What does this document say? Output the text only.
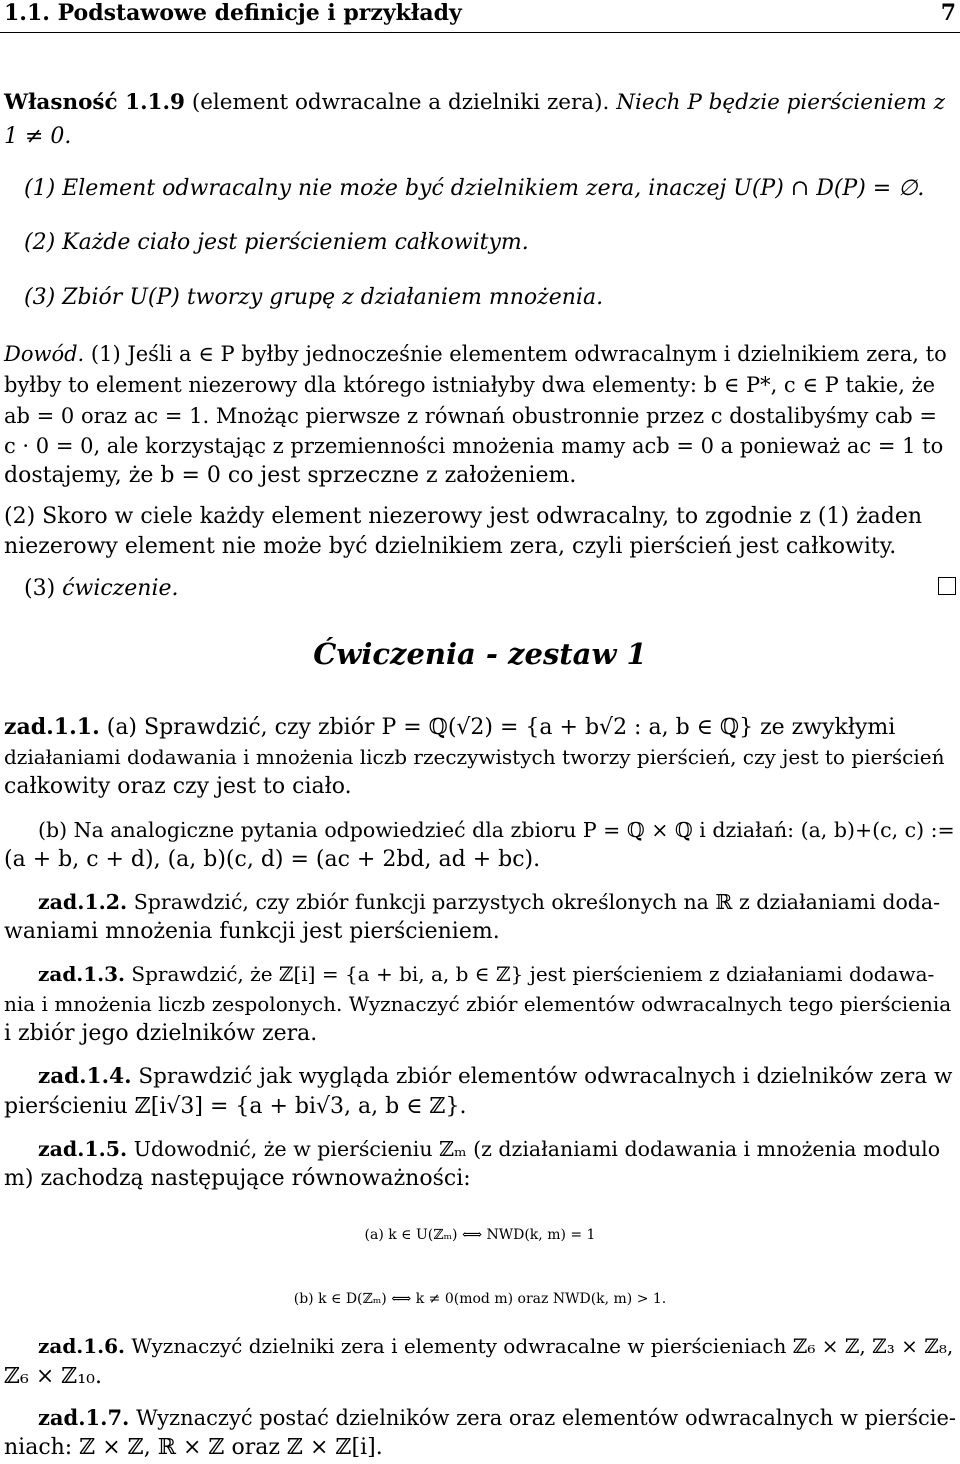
1.1. Podstawowe definicje i przykłady	7
Własność 1.1.9 (element odwracalne a dzielniki zera). Niech P będzie pierścieniem z
1 ≠ 0.
(1) Element odwracalny nie może być dzielnikiem zera, inaczej U(P) ∩ D(P) = ∅.
(2) Każde ciało jest pierścieniem całkowitym.
(3) Zbiór U(P) tworzy grupę z działaniem mnożenia.
Dowód. (1) Jeśli a ∈ P byłby jednocześnie elementem odwracalnym i dzielnikiem zera, to
byłby to element niezerowy dla którego istniałyby dwa elementy: b ∈ P*, c ∈ P takie, że
ab = 0 oraz ac = 1. Mnożąc pierwsze z równań obustronnie przez c dostalibyśmy cab =
c · 0 = 0, ale korzystając z przemienności mnożenia mamy acb = 0 a ponieważ ac = 1 to
dostajemy, że b = 0 co jest sprzeczne z założeniem.
(2) Skoro w ciele każdy element niezerowy jest odwracalny, to zgodnie z (1) żaden
niezerowy element nie może być dzielnikiem zera, czyli pierścień jest całkowity.
(3) ćwiczenie.
Ćwiczenia - zestaw 1
zad.1.1. (a) Sprawdzić, czy zbiór P = ℚ(√2) = {a + b√2 : a, b ∈ ℚ} ze zwykłymi
działaniami dodawania i mnożenia liczb rzeczywistych tworzy pierścień, czy jest to pierścień
całkowity oraz czy jest to ciało.
(b) Na analogiczne pytania odpowiedzieć dla zbioru P = ℚ × ℚ i działań: (a, b)+(c, c) :=
(a + b, c + d), (a, b)(c, d) = (ac + 2bd, ad + bc).
zad.1.2. Sprawdzić, czy zbiór funkcji parzystych określonych na ℝ z działaniami doda-
waniami mnożenia funkcji jest pierścieniem.
zad.1.3. Sprawdzić, że ℤ[i] = {a + bi, a, b ∈ ℤ} jest pierścieniem z działaniami dodawa-
nia i mnożenia liczb zespolonych. Wyznaczyć zbiór elementów odwracalnych tego pierścienia
i zbiór jego dzielników zera.
zad.1.4. Sprawdzić jak wygląda zbiór elementów odwracalnych i dzielników zera w
pierścieniu ℤ[i√3] = {a + bi√3, a, b ∈ ℤ}.
zad.1.5. Udowodnić, że w pierścieniu ℤₘ (z działaniami dodawania i mnożenia modulo
m) zachodzą następujące równoważności:
(a) k ∈ U(ℤₘ) ⟺ NWD(k, m) = 1
(b) k ∈ D(ℤₘ) ⟺ k ≠ 0(mod m) oraz NWD(k, m) > 1.
zad.1.6. Wyznaczyć dzielniki zera i elementy odwracalne w pierścieniach ℤ₆ × ℤ, ℤ₃ × ℤ₈,
ℤ₆ × ℤ₁₀.
zad.1.7. Wyznaczyć postać dzielników zera oraz elementów odwracalnych w pierście-
niach: ℤ × ℤ, ℝ × ℤ oraz ℤ × ℤ[i].
